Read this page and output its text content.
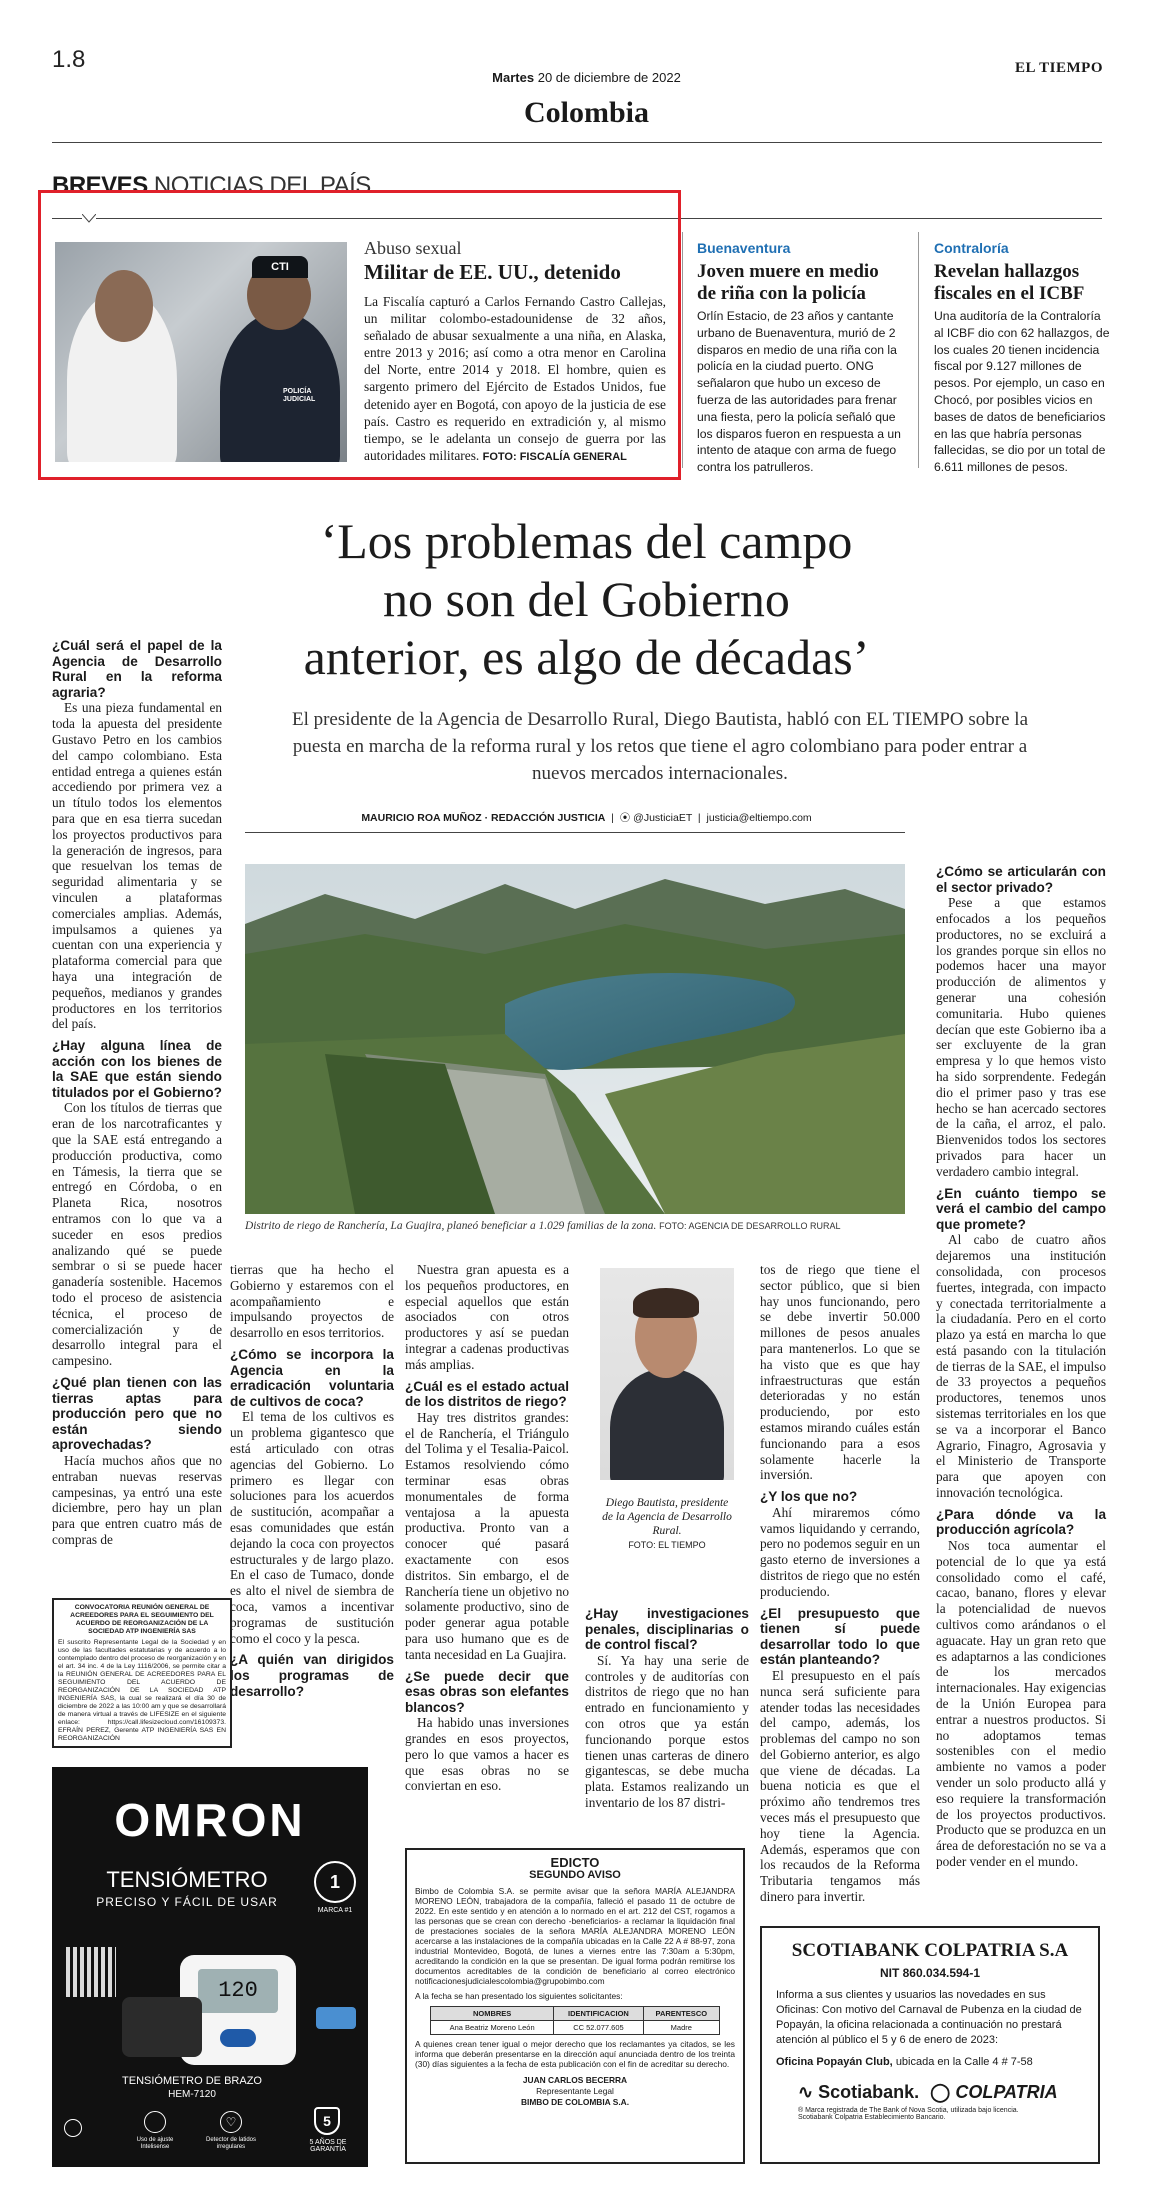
1.8
Martes 20 de diciembre de 2022
EL TIEMPO
Colombia
BREVES NOTICIAS DEL PAÍS
CTI
POLICÍA JUDICIAL
Abuso sexual
Militar de EE. UU., detenido
La Fiscalía capturó a Carlos Fernando Castro Callejas, un militar colombo-estadounidense de 32 años, señalado de abusar sexualmente a una niña, en Alaska, entre 2013 y 2016; así como a otra menor en Carolina del Norte, entre 2014 y 2018. El hombre, quien es sargento primero del Ejército de Estados Unidos, fue detenido ayer en Bogotá, con apoyo de la justicia de ese país. Castro es requerido en extradición y, al mismo tiempo, se le adelanta un consejo de guerra por las autoridades militares. FOTO: FISCALÍA GENERAL
Buenaventura
Joven muere en medio de riña con la policía
Orlín Estacio, de 23 años y cantante urbano de Buenaventura, murió de 2 disparos en medio de una riña con la policía en la ciudad puerto. ONG señalaron que hubo un exceso de fuerza de las autoridades para frenar una fiesta, pero la policía señaló que los disparos fueron en respuesta a un intento de ataque con arma de fuego contra los patrulleros.
Contraloría
Revelan hallazgos fiscales en el ICBF
Una auditoría de la Contraloría al ICBF dio con 62 hallazgos, de los cuales 20 tienen incidencia fiscal por 9.127 millones de pesos. Por ejemplo, un caso en Chocó, por posibles vicios en bases de datos de beneficiarios en las que habría personas fallecidas, se dio por un total de 6.611 millones de pesos.
‘Los problemas del campo
no son del Gobierno
anterior, es algo de décadas’
El presidente de la Agencia de Desarrollo Rural, Diego Bautista, habló con EL TIEMPO sobre la puesta en marcha de la reforma rural y los retos que tiene el agro colombiano para poder entrar a nuevos mercados internacionales.
MAURICIO ROA MUÑOZ · REDACCIÓN JUSTICIA  |  ⦿ @JusticiaET  |  justicia@eltiempo.com

¿Cuál será el papel de la Agencia de Desarrollo Rural en la reforma agraria?

Es una pieza fundamental en toda la apuesta del presidente Gustavo Petro en los cambios del campo colombiano. Esta entidad entrega a quienes están accediendo por primera vez a un título todos los elementos para que en esa tierra sucedan los proyectos productivos para la generación de ingresos, para que resuelvan los temas de seguridad alimentaria y se vinculen a plataformas comerciales amplias. Además, impulsamos a quienes ya cuentan con una experiencia y plataforma comercial para que haya una integración de pequeños, medianos y grandes productores en los territorios del país.

¿Hay alguna línea de acción con los bienes de la SAE que están siendo titulados por el Gobierno?

Con los títulos de tierras que eran de los narcotraficantes y que la SAE está entregando a producción productiva, como en Támesis, la tierra que se entregó en Córdoba, o en Planeta Rica, nosotros entramos con lo que va a suceder en esos predios analizando qué se puede sembrar o si se puede hacer ganadería sostenible. Hacemos todo el proceso de asistencia técnica, el proceso de comercialización y de desarrollo integral para el campesino.

¿Qué plan tienen con las tierras aptas para producción pero que no están siendo aprovechadas?

Hacía muchos años que no entraban nuevas reservas campesinas, ya entró una este diciembre, pero hay un plan para que entren cuatro más de compras de

Distrito de riego de Ranchería, La Guajira, planeó beneficiar a 1.029 familias de la zona. FOTO: AGENCIA DE DESARROLLO RURAL

tierras que ha hecho el Gobierno y estaremos con el acompañamiento e impulsando proyectos de desarrollo en esos territorios.

¿Cómo se incorpora la Agencia en la erradicación voluntaria de cultivos de coca?

El tema de los cultivos es un problema gigantesco que está articulado con otras agencias del Gobierno. Lo primero es llegar con soluciones para los acuerdos de sustitución, acompañar a esas comunidades que están dejando la coca con proyectos estructurales y de largo plazo. En el caso de Tumaco, donde es alto el nivel de siembra de coca, vamos a incentivar programas de sustitución como el coco y la pesca.

¿A quién van dirigidos los programas de desarrollo?

Nuestra gran apuesta es a los pequeños productores, en especial aquellos que están asociados con otros productores y así se puedan integrar a cadenas productivas más amplias.

¿Cuál es el estado actual de los distritos de riego?

Hay tres distritos grandes: el de Ranchería, el Triángulo del Tolima y el Tesalia-Paicol. Estamos resolviendo cómo terminar esas obras monumentales de forma ventajosa a la apuesta productiva. Pronto van a conocer qué pasará exactamente con esos distritos. Sin embargo, el de Ranchería tiene un objetivo no solamente productivo, sino de poder generar agua potable para uso humano que es de tanta necesidad en La Guajira.

¿Se puede decir que esas obras son elefantes blancos?

Ha habido unas inversiones grandes en esos proyectos, pero lo que vamos a hacer es que esas obras no se conviertan en eso.

Diego Bautista, presidente de la Agencia de Desarrollo Rural.
FOTO: EL TIEMPO

¿Hay investigaciones penales, disciplinarias o de control fiscal?

Sí. Ya hay una serie de controles y de auditorías con distritos de riego que no han entrado en funcionamiento y con otros que ya están funcionando porque estos tienen unas carteras de dinero gigantescas, se debe mucha plata. Estamos realizando un inventario de los 87 distri-

tos de riego que tiene el sector público, que si bien hay unos funcionando, pero se debe invertir 50.000 millones de pesos anuales para mantenerlos. Lo que se ha visto que es que hay infraestructuras que están deterioradas y no están produciendo, por esto estamos mirando cuáles están funcionando para a esos solamente hacerle la inversión.

¿Y los que no?

Ahí miraremos cómo vamos liquidando y cerrando, pero no podemos seguir en un gasto eterno de inversiones a distritos de riego que no estén produciendo.

¿El presupuesto que tienen sí puede desarrollar todo lo que están planteando?

El presupuesto en el país nunca será suficiente para atender todas las necesidades del campo, además, los problemas del campo no son del Gobierno anterior, es algo que viene de décadas. La buena noticia es que el próximo año tendremos tres veces más el presupuesto que hoy tiene la Agencia. Además, esperamos que con los recaudos de la Reforma Tributaria tengamos más dinero para invertir.

¿Cómo se articularán con el sector privado?

Pese a que estamos enfocados a los pequeños productores, no se excluirá a los grandes porque sin ellos no podemos hacer una mayor producción de alimentos y generar una cohesión comunitaria. Hubo quienes decían que este Gobierno iba a ser excluyente de la gran empresa y lo que hemos visto ha sido sorprendente. Fedegán dio el primer paso y tras ese hecho se han acercado sectores de la caña, el arroz, el palo. Bienvenidos todos los sectores privados para hacer un verdadero cambio integral.

¿En cuánto tiempo se verá el cambio del campo que promete?

Al cabo de cuatro años dejaremos una institución consolidada, con procesos fuertes, integrada, con impacto y conectada territorialmente a la ciudadanía. Pero en el corto plazo ya está en marcha lo que está pasando con la titulación de tierras de la SAE, el impulso de 33 proyectos a pequeños productores, tenemos unos sistemas territoriales en los que se va a incorporar el Banco Agrario, Finagro, Agrosavia y el Ministerio de Transporte para que apoyen con innovación tecnológica.

¿Para dónde va la producción agrícola?

Nos toca aumentar el potencial de lo que ya está consolidado como el café, cacao, banano, flores y elevar la potencialidad de nuevos cultivos como arándanos o el aguacate. Hay un gran reto que es adaptarnos a las condiciones de los mercados internacionales. Hay exigencias de la Unión Europea para entrar a nuestros productos. Si no adoptamos temas sostenibles con el medio ambiente no vamos a poder vender un solo producto allá y eso requiere la transformación de los proyectos productivos. Producto que se produzca en un área de deforestación no se va a poder vender en el mundo.

CONVOCATORIA REUNIÓN GENERAL DE ACREEDORES PARA EL SEGUIMIENTO DEL ACUERDO DE REORGANIZACIÓN DE LA SOCIEDAD ATP INGENIERÍA SAS
El suscrito Representante Legal de la Sociedad y en uso de las facultades estatutarias y de acuerdo a lo contemplado dentro del proceso de reorganización y en el art. 34 inc. 4 de la Ley 1116/2006, se permite citar a la REUNIÓN GENERAL DE ACREEDORES PARA EL SEGUIMIENTO DEL ACUERDO DE REORGANIZACIÓN DE LA SOCIEDAD ATP INGENIERÍA SAS, la cual se realizará el día 30 de diciembre de 2022 a las 10:00 am y que se desarrollará de manera virtual a través de LIFESIZE en el siguiente enlace: https://call.lifesizecloud.com/16109373. EFRAÍN PEREZ, Gerente ATP INGENIERÍA SAS EN REORGANIZACIÓN
OMRON
TENSIÓMETRO
PRECISO Y FÁCIL DE USAR
1
MARCA #1
120
TENSIÓMETRO DE BRAZO
HEM-7120
Uso de ajuste Intelisense
♡
Detector de latidos irregulares
5
5 AÑOS DE GARANTÍA
EDICTO
SEGUNDO AVISO
Bimbo de Colombia S.A. se permite avisar que la señora MARÍA ALEJANDRA MORENO LEÓN, trabajadora de la compañía, falleció el pasado 11 de octubre de 2022. En este sentido y en atención a lo normado en el art. 212 del CST, rogamos a las personas que se crean con derecho -beneficiarios- a reclamar la liquidación final de prestaciones sociales de la señora MARÍA ALEJANDRA MORENO LEÓN acercarse a las instalaciones de la compañía ubicadas en la Calle 22 A # 88-97, zona industrial Montevideo, Bogotá, de lunes a viernes entre las 7:30am a 5:30pm, acreditando la condición en la que se presentan. De igual forma podrán remitirse los documentos acreditables de la condición de beneficiario al correo electrónico notificacionesjudicialescolombia@grupobimbo.com
A la fecha se han presentado los siguientes solicitantes:
NOMBRES	IDENTIFICACION	PARENTESCO
Ana Beatriz Moreno León	CC 52.077.605	Madre
A quienes crean tener igual o mejor derecho que los reclamantes ya citados, se les informa que deberán presentarse en la dirección aquí anunciada dentro de los treinta (30) días siguientes a la fecha de esta publicación con el fin de acreditar su derecho.
JUAN CARLOS BECERRA
Representante Legal
BIMBO DE COLOMBIA S.A.
SCOTIABANK COLPATRIA S.A
NIT 860.034.594-1
Informa a sus clientes y usuarios las novedades en sus Oficinas: Con motivo del Carnaval de Pubenza en la ciudad de Popayán, la oficina relacionada a continuación no prestará atención al público el 5 y 6 de enero de 2023:
Oficina Popayán Club, ubicada en la Calle 4 # 7-58
∿ Scotiabank. ◯ COLPATRIA
® Marca registrada de The Bank of Nova Scotia, utilizada bajo licencia.
Scotiabank Colpatria Establecimiento Bancario.
